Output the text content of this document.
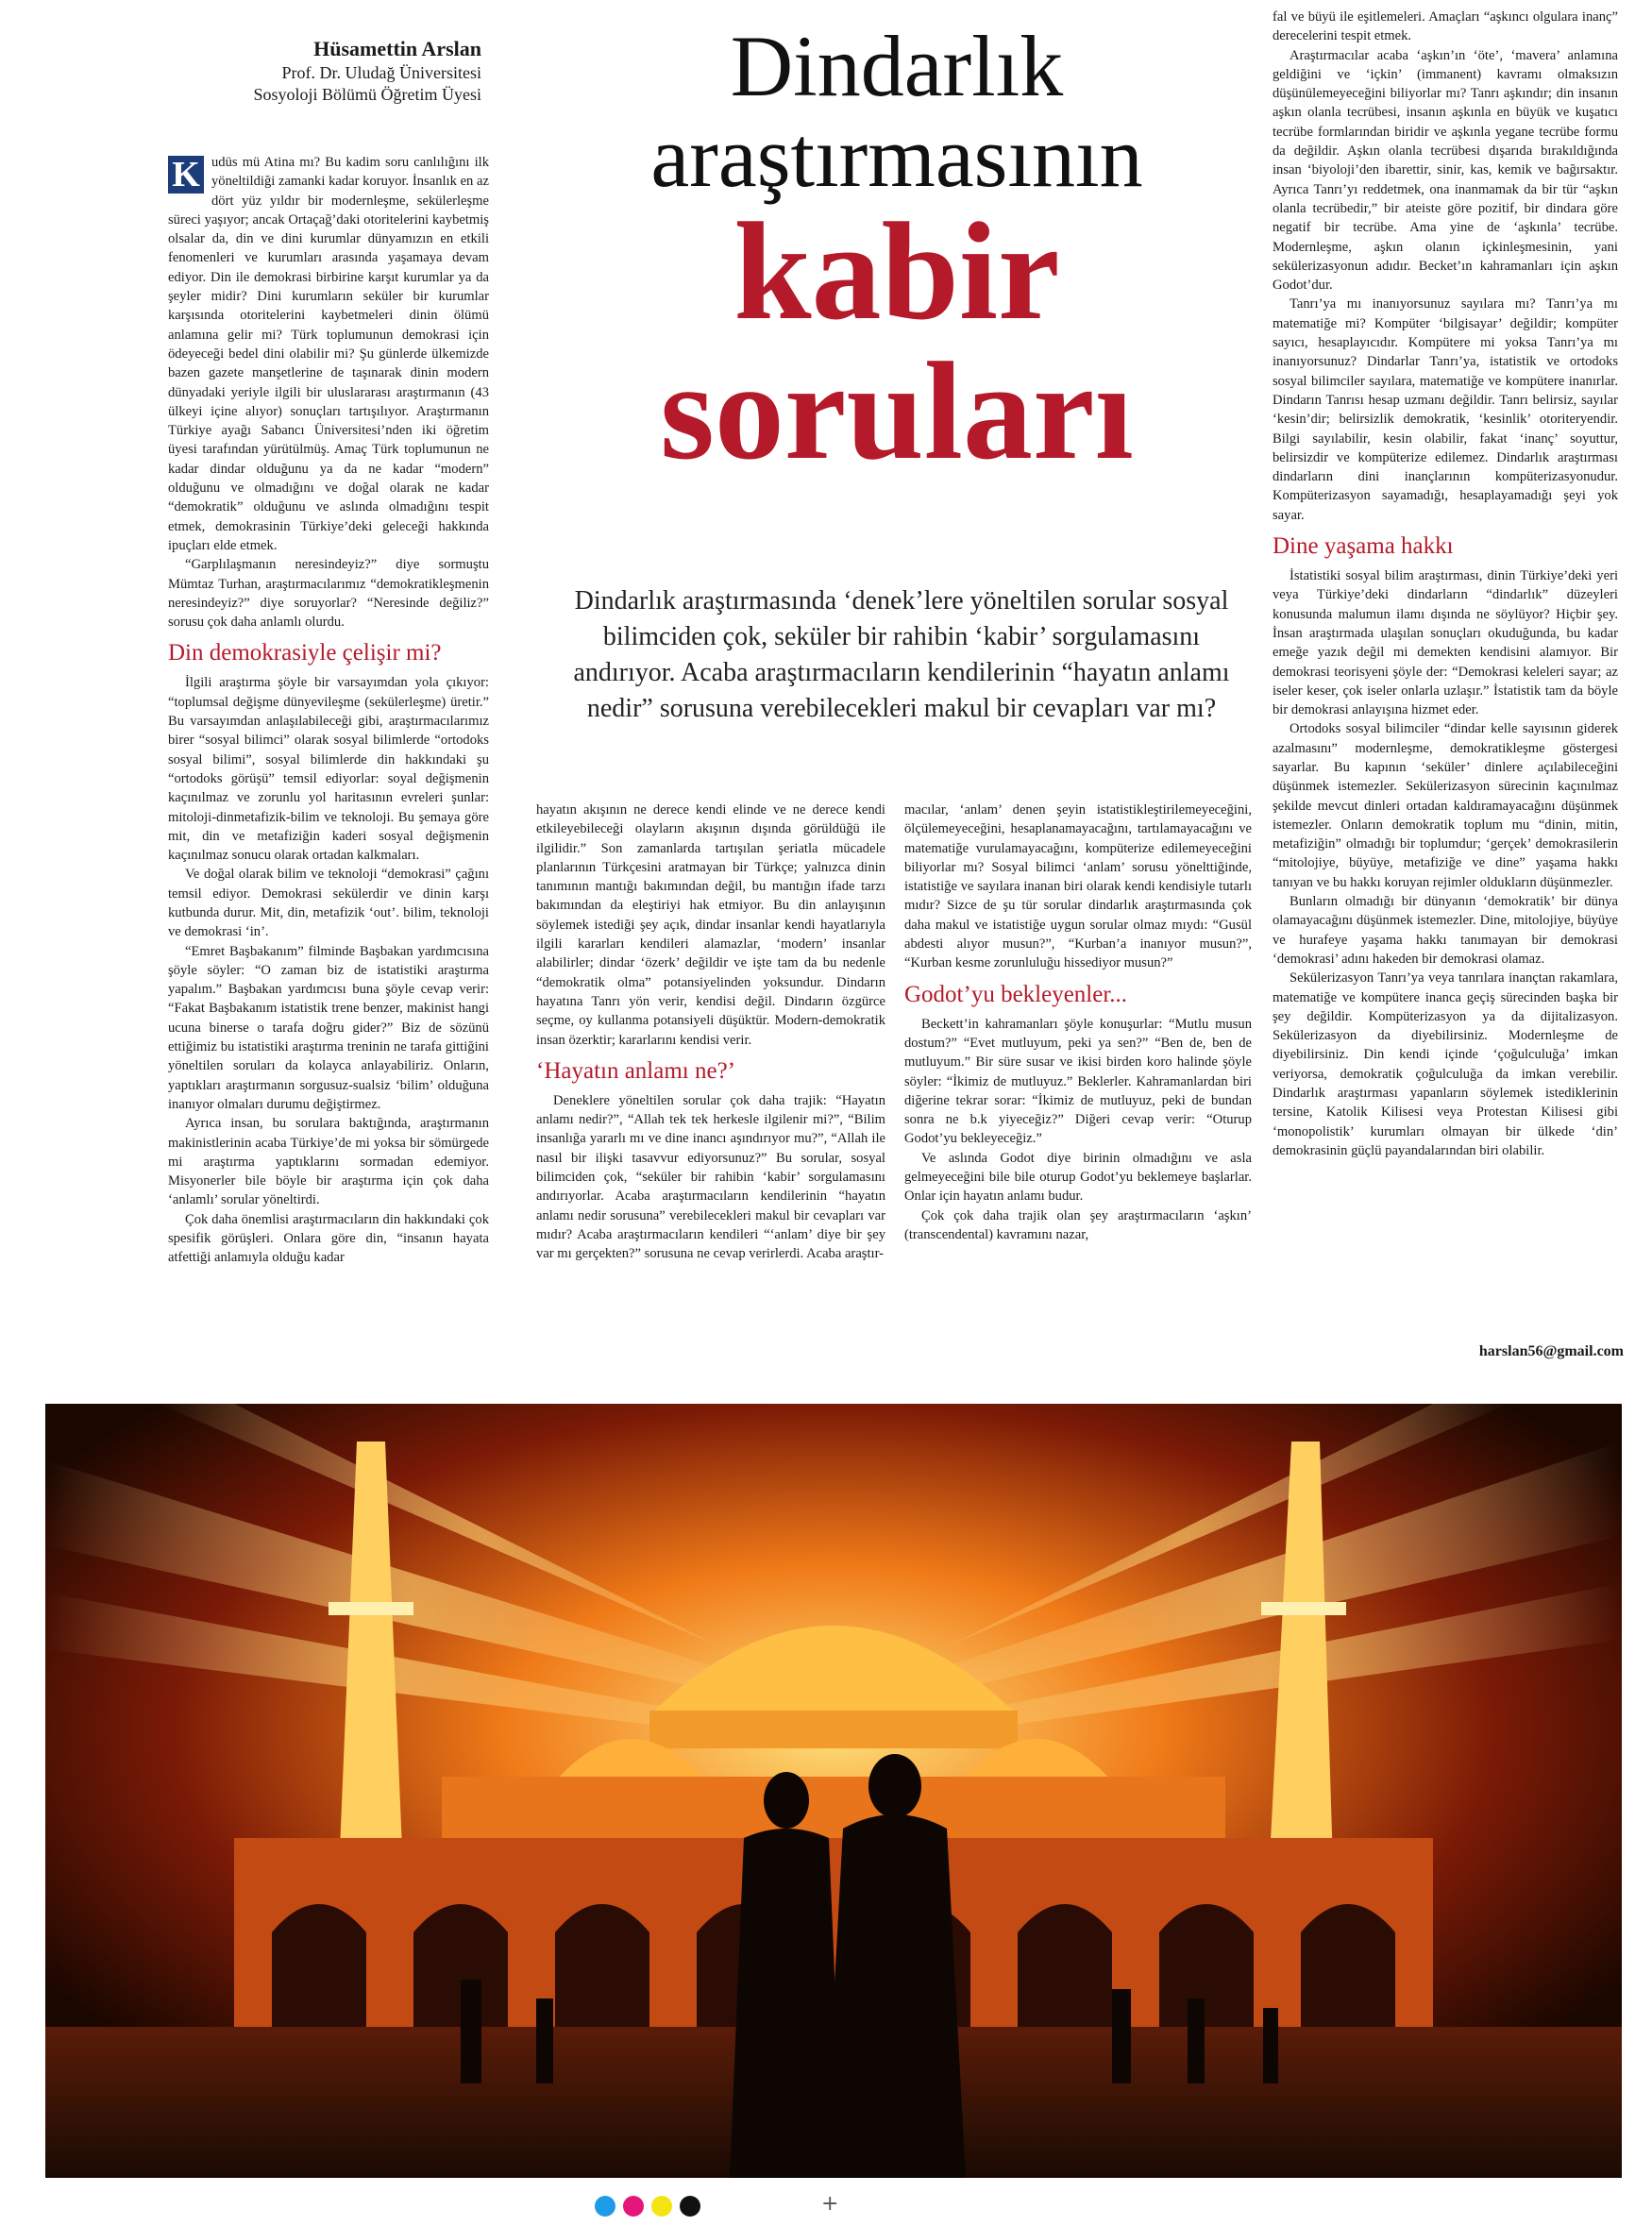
Hüsamettin Arslan
Prof. Dr. Uludağ Üniversitesi
Sosyoloji Bölümü Öğretim Üyesi	Dindarlık
araştırmasının
kabir
soruları
Dindarlık araştırmasında ‘denek’lere yöneltilen sorular sosyal bilimciden çok, seküler bir rahibin ‘kabir’ sorgulamasını andırıyor. Acaba araştırmacıların kendilerinin “hayatın anlamı nedir” sorusuna verebilecekleri makul bir cevapları var mı?

K udüs mü Atina mı? Bu kadim soru canlılığını ilk yöneltildiği zamanki kadar koruyor. İnsanlık en az dört yüz yıldır bir modernleşme, sekülerleşme süreci yaşıyor; ancak Ortaçağ’daki otoritelerini kaybetmiş olsalar da, din ve dini kurumlar dünyamızın en etkili fenomenleri ve kurumları arasında yaşamaya devam ediyor. Din ile demokrasi birbirine karşıt kurumlar ya da şeyler midir? Dini kurumların seküler bir kurumlar karşısında otoritelerini kaybetmeleri dinin ölümü anlamına gelir mi? Türk toplumunun demokrasi için ödeyeceği bedel dini olabilir mi? Şu günlerde ülkemizde bazen gazete manşetlerine de taşınarak dinin modern dünyadaki yeriyle ilgili bir uluslararası araştırmanın (43 ülkeyi içine alıyor) sonuçları tartışılıyor. Araştırmanın Türkiye ayağı Sabancı Üniversitesi’nden iki öğretim üyesi tarafından yürütülmüş. Amaç Türk toplumunun ne kadar dindar olduğunu ya da ne kadar “modern” olduğunu ve olmadığını ve doğal olarak ne kadar “demokratik” olduğunu ve aslında olmadığını tespit etmek, demokrasinin Türkiye’deki geleceği hakkında ipuçları elde etmek.

“Garplılaşmanın neresindeyiz?” diye sormuştu Mümtaz Turhan, araştırmacılarımız “demokratikleşmenin neresindeyiz?” diye soruyorlar? “Neresinde değiliz?” sorusu çok daha anlamlı olurdu.

Din demokrasiyle çelişir mi?

İlgili araştırma şöyle bir varsayımdan yola çıkıyor: “toplumsal değişme dünyevileşme (sekülerleşme) üretir.” Bu varsayımdan anlaşılabileceği gibi, araştırmacılarımız birer “sosyal bilimci” olarak sosyal bilimlerde “ortodoks sosyal bilimi”, sosyal bilimlerde din hakkındaki şu “ortodoks görüşü” temsil ediyorlar: soyal değişmenin kaçınılmaz ve zorunlu yol haritasının evreleri şunlar: mitoloji-dinmetafizik-bilim ve teknoloji. Bu şemaya göre mit, din ve metafiziğin kaderi sosyal değişmenin kaçınılmaz sonucu olarak ortadan kalkmaları.

Ve doğal olarak bilim ve teknoloji “demokrasi” çağını temsil ediyor. Demokrasi sekülerdir ve dinin karşı kutbunda durur. Mit, din, metafizik ‘out’. bilim, teknoloji ve demokrasi ‘in’.

“Emret Başbakanım” filminde Başbakan yardımcısına şöyle söyler: “O zaman biz de istatistiki araştırma yapalım.” Başbakan yardımcısı buna şöyle cevap verir: “Fakat Başbakanım istatistik trene benzer, makinist hangi ucuna binerse o tarafa doğru gider?” Biz de sözünü ettiğimiz bu istatistiki araştırma treninin ne tarafa gittiğini yöneltilen soruları da kolayca anlayabiliriz. Onların, yaptıkları araştırmanın sorgusuz-sualsiz ‘bilim’ olduğuna inanıyor olmaları durumu değiştirmez.

Ayrıca insan, bu sorulara baktığında, araştırmanın makinistlerinin acaba Türkiye’de mi yoksa bir sömürgede mi araştırma yaptıklarını sormadan edemiyor. Misyonerler bile böyle bir araştırma için çok daha ‘anlamlı’ sorular yöneltirdi.

Çok daha önemlisi araştırmacıların din hakkındaki çok spesifik görüşleri. Onlara göre din, “insanın hayata atfettiği anlamıyla olduğu kadar

hayatın akışının ne derece kendi elinde ve ne derece kendi etkileyebileceği olayların akışının dışında görüldüğü ile ilgilidir.” Son zamanlarda tartışılan şeriatla mücadele planlarının Türkçesini aratmayan bir Türkçe; yalnızca dinin tanımının mantığı bakımından değil, bu mantığın ifade tarzı bakımından da eleştiriyi hak etmiyor. Bu din anlayışının söylemek istediği şey açık, dindar insanlar kendi hayatlarıyla ilgili kararları kendileri alamazlar, ‘modern’ insanlar alabilirler; dindar ‘özerk’ değildir ve işte tam da bu nedenle “demokratik olma” potansiyelinden yoksundur. Dindarın hayatına Tanrı yön verir, kendisi değil. Dindarın özgürce seçme, oy kullanma potansiyeli düşüktür. Modern-demokratik insan özerktir; kararlarını kendisi verir.

‘Hayatın anlamı ne?’

Deneklere yöneltilen sorular çok daha trajik: “Hayatın anlamı nedir?”, “Allah tek tek herkesle ilgilenir mi?”, “Bilim insanlığa yararlı mı ve dine inancı aşındırıyor mu?”, “Allah ile nasıl bir ilişki tasavvur ediyorsunuz?” Bu sorular, sosyal bilimciden çok, “seküler bir rahibin ‘kabir’ sorgulamasını andırıyorlar. Acaba araştırmacıların kendilerinin “hayatın anlamı nedir sorusuna” verebilecekleri makul bir cevapları var mıdır? Acaba araştırmacıların kendileri “‘anlam’ diye bir şey var mı gerçekten?” sorusuna ne cevap verirlerdi. Acaba araştır-

macılar, ‘anlam’ denen şeyin istatistikleştirilemeyeceğini, ölçülemeyeceğini, hesaplanamayacağını, tartılamayacağını ve matematiğe vurulamayacağını, kompüterize edilemeyeceğini biliyorlar mı? Sosyal bilimci ‘anlam’ sorusu yönelttiğinde, istatistiğe ve sayılara inanan biri olarak kendi kendisiyle tutarlı mıdır? Sizce de şu tür sorular dindarlık araştırmasında çok daha makul ve istatistiğe uygun sorular olmaz mıydı: “Gusül abdesti alıyor musun?”, “Kurban’a inanıyor musun?”, “Kurban kesme zorunluluğu hissediyor musun?”

Godot’yu bekleyenler...

Beckett’in kahramanları şöyle konuşurlar: “Mutlu musun dostum?” “Evet mutluyum, peki ya sen?” “Ben de, ben de mutluyum.” Bir süre susar ve ikisi birden koro halinde şöyle söyler: “İkimiz de mutluyuz.” Beklerler. Kahramanlardan biri diğerine tekrar sorar: “İkimiz de mutluyuz, peki de bundan sonra ne b.k yiyeceğiz?” Diğeri cevap verir: “Oturup Godot’yu bekleyeceğiz.”

Ve aslında Godot diye birinin olmadığını ve asla gelmeyeceğini bile bile oturup Godot’yu beklemeye başlarlar. Onlar için hayatın anlamı budur.

Çok çok daha trajik olan şey araştırmacıların ‘aşkın’ (transcendental) kavramını nazar,

fal ve büyü ile eşitlemeleri. Amaçları “aşkıncı olgulara inanç” derecelerini tespit etmek.

Araştırmacılar acaba ‘aşkın’ın ‘öte’, ‘mavera’ anlamına geldiğini ve ‘içkin’ (immanent) kavramı olmaksızın düşünülemeyeceğini biliyorlar mı? Tanrı aşkındır; din insanın aşkın olanla tecrübesi, insanın aşkınla en büyük ve kuşatıcı tecrübe formlarından biridir ve aşkınla yegane tecrübe formu da değildir. Aşkın olanla tecrübesi dışarıda bırakıldığında insan ‘biyoloji’den ibarettir, sinir, kas, kemik ve bağırsaktır. Ayrıca Tanrı’yı reddetmek, ona inanmamak da bir tür “aşkın olanla tecrübedir,” bir ateiste göre pozitif, bir dindara göre negatif bir tecrübe. Ama yine de ‘aşkınla’ tecrübe. Modernleşme, aşkın olanın içkinleşmesinin, yani sekülerizasyonun adıdır. Becket’ın kahramanları için aşkın Godot’dur.

Tanrı’ya mı inanıyorsunuz sayılara mı? Tanrı’ya mı matematiğe mi? Kompüter ‘bilgisayar’ değildir; kompüter sayıcı, hesaplayıcıdır. Kompütere mi yoksa Tanrı’ya mı inanıyorsunuz? Dindarlar Tanrı’ya, istatistik ve ortodoks sosyal bilimciler sayılara, matematiğe ve kompütere inanırlar. Dindarın Tanrısı hesap uzmanı değildir. Tanrı belirsiz, sayılar ‘kesin’dir; belirsizlik demokratik, ‘kesinlik’ otoriteryendir. Bilgi sayılabilir, kesin olabilir, fakat ‘inanç’ soyuttur, belirsizdir ve kompüterize edilemez. Dindarlık araştırması dindarların dini inançlarının kompüterizasyonudur. Kompüterizasyon sayamadığı, hesaplayamadığı şeyi yok sayar.

Dine yaşama hakkı

İstatistiki sosyal bilim araştırması, dinin Türkiye’deki yeri veya Türkiye’deki dindarların “dindarlık” düzeyleri konusunda malumun ilamı dışında ne söylüyor? Hiçbir şey. İnsan araştırmada ulaşılan sonuçları okuduğunda, bu kadar emeğe yazık değil mi demekten kendisini alamıyor. Bir demokrasi teorisyeni şöyle der: “Demokrasi keleleri sayar; az iseler keser, çok iseler onlarla uzlaşır.” İstatistik tam da böyle bir demokrasi anlayışına hizmet eder.

Ortodoks sosyal bilimciler “dindar kelle sayısının giderek azalmasını” modernleşme, demokratikleşme göstergesi sayarlar. Bu kapının ‘seküler’ dinlere açılabileceğini düşünmek istemezler. Sekülerizasyon sürecinin kaçınılmaz şekilde mevcut dinleri ortadan kaldıramayacağını düşünmek istemezler. Onların demokratik toplum mu “dinin, mitin, metafiziğin” olmadığı bir toplumdur; ‘gerçek’ demokrasilerin “mitolojiye, büyüye, metafiziğe ve dine” yaşama hakkı tanıyan ve bu hakkı koruyan rejimler oldukların düşünmezler.

Bunların olmadığı bir dünyanın ‘demokratik’ bir dünya olamayacağını düşünmek istemezler. Dine, mitolojiye, büyüye ve hurafeye yaşama hakkı tanımayan bir demokrasi ‘demokrasi’ adını hakeden bir demokrasi olamaz.

Sekülerizasyon Tanrı’ya veya tanrılara inançtan rakamlara, matematiğe ve kompütere inanca geçiş sürecinden başka bir şey değildir. Kompüterizasyon ya da dijitalizasyon. Sekülerizasyon da diyebilirsiniz. Modernleşme de diyebilirsiniz. Din kendi içinde ‘çoğulculuğa’ imkan veriyorsa, demokratik çoğulculuğa da imkan verebilir. Dindarlık araştırması yapanların söylemek istediklerinin tersine, Katolik Kilisesi veya Protestan Kilisesi gibi ‘monopolistik’ kurumları olmayan bir ülkede ‘din’ demokrasinin güçlü payandalarından biri olabilir.

harslan56@gmail.com
+
